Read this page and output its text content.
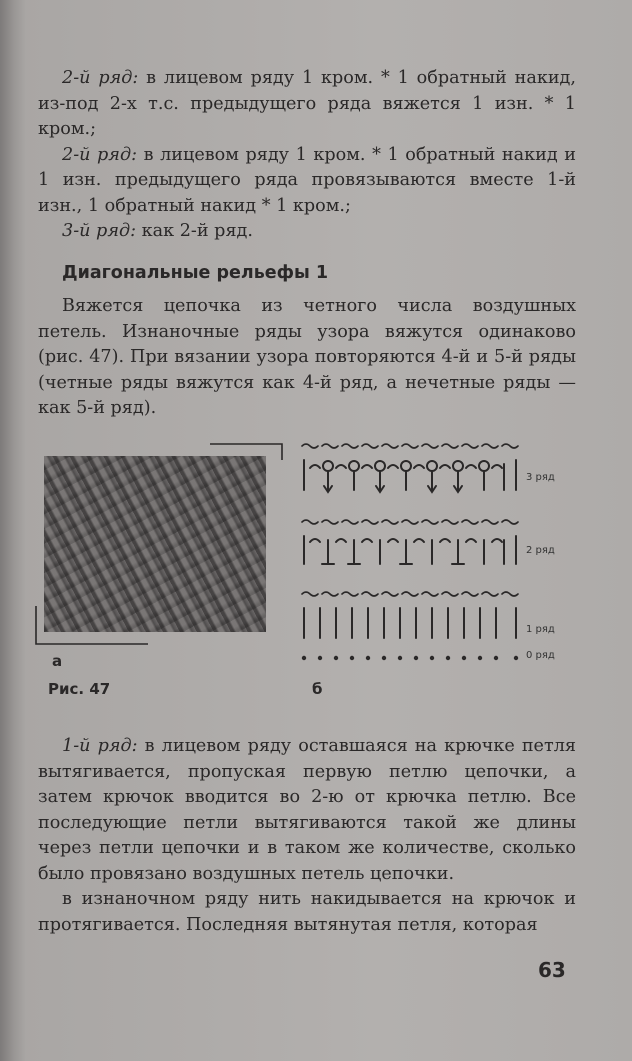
2-й ряд: в лицевом ряду 1 кром. * 1 обратный накид, из-под 2-х т.с. предыдущего ряда вяжется 1 изн. * 1 кром.;

2-й ряд: в лицевом ряду 1 кром. * 1 обратный накид и 1 изн. предыдущего ряда провязываются вместе 1-й изн., 1 обратный накид * 1 кром.;

3-й ряд: как 2-й ряд.

Диагональные рельефы 1

Вяжется цепочка из четного числа воздушных петель. Изнаночные ряды узора вяжутся одинаково (рис. 47). При вязании узора повторяются 4-й и 5-й ряды (четные ряды вяжутся как 4-й ряд, а нечетные ряды — как 5-й ряд).

а
Рис. 47	б
3 ряд
2 ряд
1 ряд
0 ряд

1-й ряд: в лицевом ряду оставшаяся на крючке петля вытягивается, пропуская первую петлю цепочки, а затем крючок вводится во 2-ю от крючка петлю. Все последующие петли вытягиваются такой же длины через петли цепочки и в таком же количестве, сколько было провязано воздушных петель цепочки.

в изнаночном ряду нить накидывается на крючок и протягивается. Последняя вытянутая петля, которая

63
